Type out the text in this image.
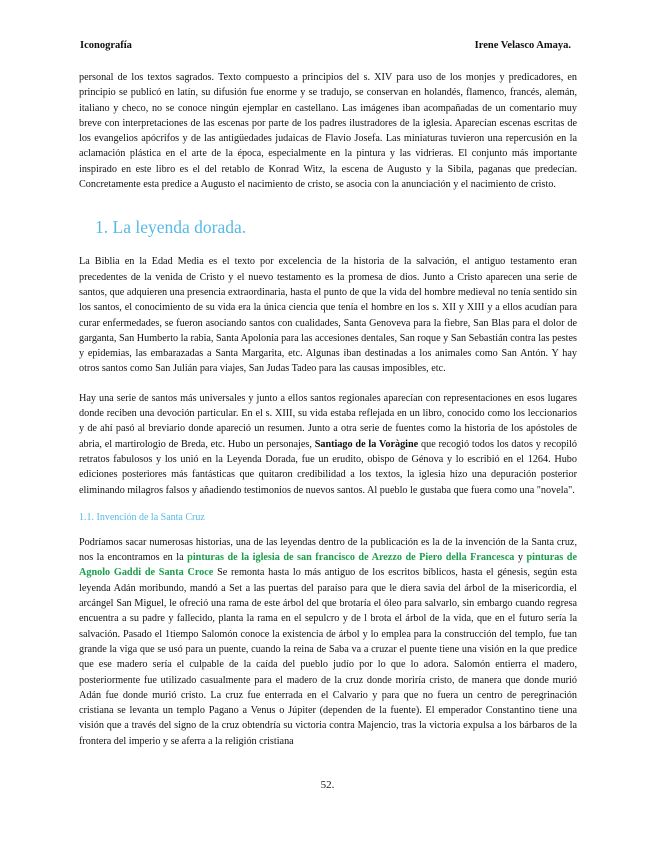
Iconografía	Irene Velasco Amaya.

personal de los textos sagrados. Texto compuesto a principios del s. XIV para uso de los monjes y predicadores, en principio se publicó en latín, su difusión fue enorme y se tradujo, se conservan en holandés, flamenco, francés, alemán, italiano y checo, no se conoce ningún ejemplar en castellano. Las imágenes iban acompañadas de un comentario muy breve con interpretaciones de las escenas por parte de los padres ilustradores de la iglesia. Aparecían escenas escritas de los evangelios apócrifos y de las antigüedades judaicas de Flavio Josefa. Las miniaturas tuvieron una repercusión en la aclamación plástica en el arte de la época, especialmente en la pintura y las vidrieras. El conjunto más importante inspirado en este libro es el del retablo de Konrad Witz, la escena de Augusto y la Sibila, paganas que predecían. Concretamente esta predice a Augusto el nacimiento de cristo, se asocia con la anunciación y el nacimiento de cristo.

1. La leyenda dorada.

La Biblia en la Edad Media es el texto por excelencia de la historia de la salvación, el antiguo testamento eran precedentes de la venida de Cristo y el nuevo testamento es la promesa de dios. Junto a Cristo aparecen una serie de santos, que adquieren una presencia extraordinaria, hasta el punto de que la vida del hombre medieval no tenía sentido sin los santos, el conocimiento de su vida era la única ciencia que tenía el hombre en los s. XII y XIII y a ellos acudían para curar enfermedades, se fueron asociando santos con cualidades, Santa Genoveva para la fiebre, San Blas para el dolor de garganta, San Humberto la rabia, Santa Apolonia para las accesiones dentales, San roque y San Sebastián contra las pestes y epidemias, las embarazadas a Santa Margarita, etc. Algunas iban destinadas a los animales como San Antón. Y hay otros santos como San Julián para viajes, San Judas Tadeo para las causas imposibles, etc.

Hay una serie de santos más universales y junto a ellos santos regionales aparecían con representaciones en esos lugares donde reciben una devoción particular. En el s. XIII, su vida estaba reflejada en un libro, conocido como los leccionarios y de ahí pasó al breviario donde apareció un resumen. Junto a otra serie de fuentes como la historia de los apóstoles de abria, el martirologio de Breda, etc. Hubo un personajes, Santiago de la Voràgine que recogió todos los datos y recopiló retratos fabulosos y los unió en la Leyenda Dorada, fue un erudito, obispo de Génova y lo escribió en el 1264. Hubo ediciones posteriores más fantásticas que quitaron credibilidad a los textos, la iglesia hizo una depuración posterior eliminando milagros falsos y añadiendo testimonios de nuevos santos. Al pueblo le gustaba que fuera como una "novela".

1.1. Invención de la Santa Cruz

Podríamos sacar numerosas historias, una de las leyendas dentro de la publicación es la de la invención de la Santa cruz, nos la encontramos en la pinturas de la iglesia de san francisco de Arezzo de Piero della Francesca y pinturas de Agnolo Gaddi de Santa Croce Se remonta hasta lo más antiguo de los escritos bíblicos, hasta el génesis, según esta leyenda Adán moribundo, mandó a Set a las puertas del paraíso para que le diera savia del árbol de la misericordia, el arcángel San Miguel, le ofreció una rama de este árbol del que brotaría el óleo para salvarlo, sin embargo cuando regresa encuentra a su padre y fallecido, planta la rama en el sepulcro y de l brota el árbol de la vida, que en el futuro sería la salvación. Pasado el 1tiempo Salomón conoce la existencia de árbol y lo emplea para la construcción del templo, fue tan grande la viga que se usó para un puente, cuando la reina de Saba va a cruzar el puente tiene una visión en la que predice que ese madero sería el culpable de la caída del pueblo judío por lo que lo adora. Salomón entierra el madero, posteriormente fue utilizado casualmente para el madero de la cruz donde moriría cristo, de manera que donde murió Adán fue donde murió cristo. La cruz fue enterrada en el Calvario y para que no fuera un centro de peregrinación cristiana se levanta un templo Pagano a Venus o Júpiter (dependen de la fuente). El emperador Constantino tiene una visión que a través del signo de la cruz obtendría su victoria contra Majencio, tras la victoria expulsa a los bárbaros de la frontera del imperio y se aferra a la religión cristiana

52.
